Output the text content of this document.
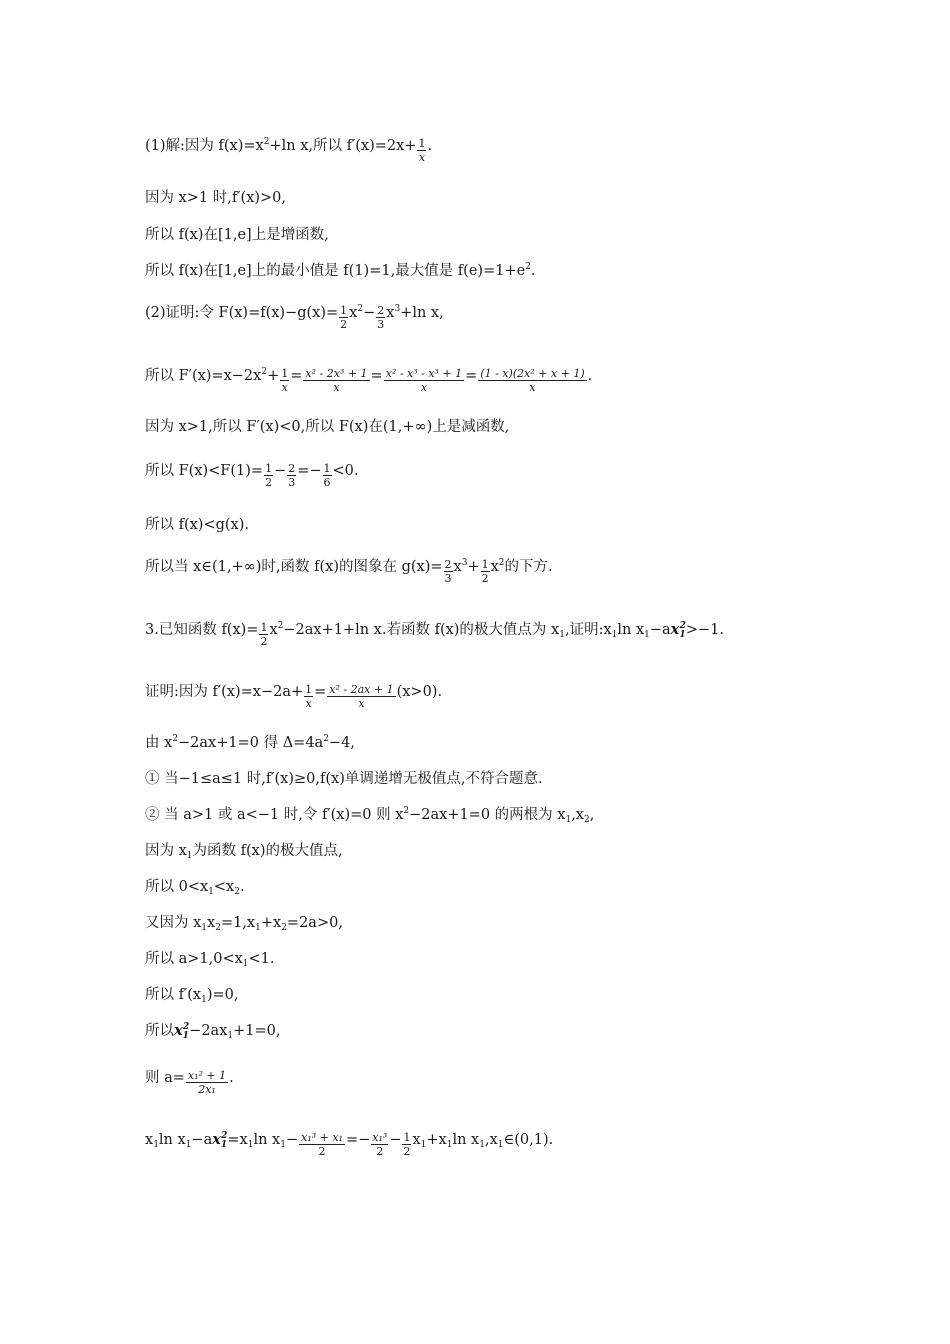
(1)解:因为 $f(x)=x^2+\ln$ x,所以 $f'(x)=2x+ \frac{1}{x}$ .
因为 x>1 时,f′(x)>0,
所以 f(x)在[1,e]上是增函数,
所以 f(x)在[1,e]上的最小值是 f(1)=1,最大值是 $f(e)=1+e^2$.
(2)证明:令 $F(x)=f(x)-g(x)= \frac{1}{2} x^2- \frac{2}{3} x^3+\ln$ x,
所以 $F'(x)=x-2x^2+ \frac{1}{x} = \frac{\text{x² - 2x³ + 1}}{x} = \frac{\text{x² - x³ - x³ + 1}}{x} = \frac{\text{(1 - x)(2x² + x + 1)}}{x}$ .
因为 x>1,所以 F′(x)<0,所以 F(x)在(1,+∞)上是减函数,
所以 $F(x)<F(1)= \frac{1}{2} - \frac{2}{3} =- \frac{1}{6} <0$.
所以 f(x)<g(x).
所以当 x∈(1,+∞)时,函数 f(x)的图象在 $g(x)= \frac{2}{3} x^3+ \frac{1}{2} x^2$的下方.
3.已知函数 $f(x)= \frac{1}{2} x^2-2ax+1+\ln$ x.若函数 f(x)的极大值点为 $x_1$,证明$:x_1\ln$ $x_1-ax_1^2>-1$.
证明:因为 $f'(x)=x-2a+ \frac{1}{x} = \frac{\text{x² - 2ax + 1}}{x} (x>0)$.
由 $x^2-2ax+1=0$ 得 $\Delta=4a^2-4$,
① 当−1≤a≤1 时,f′(x)≥0,f(x)单调递增无极值点,不符合题意.
② 当 a>1 或 a<−1 时,令 f′(x)=0 则 $x^2-2ax+1=0$ 的两根为 $x_1,x_2$,
因为 $x_1$为函数 f(x)的极大值点,
所以 $0<x_1<x_2$.
又因为 $x_1x_2=1,x_1+x_2=2a>0$,
所以 $a>1,0<x_1<1$.
所以 $f'(x_1)=0$,
所以$x_1^2-2ax_1+1=0$,
则 $a= \frac{\text{x₁² + 1}}{\text{2x₁}}$ .
$x_1\ln$ $x_1-ax_1^2=x_1\ln$ $x_1- \frac{\text{x₁³ + x₁}}{2} =- \frac{\text{x₁³}}{2} - \frac{1}{2} x_1+x_1\ln$ $x_1,x_1\in(0,1)$.
